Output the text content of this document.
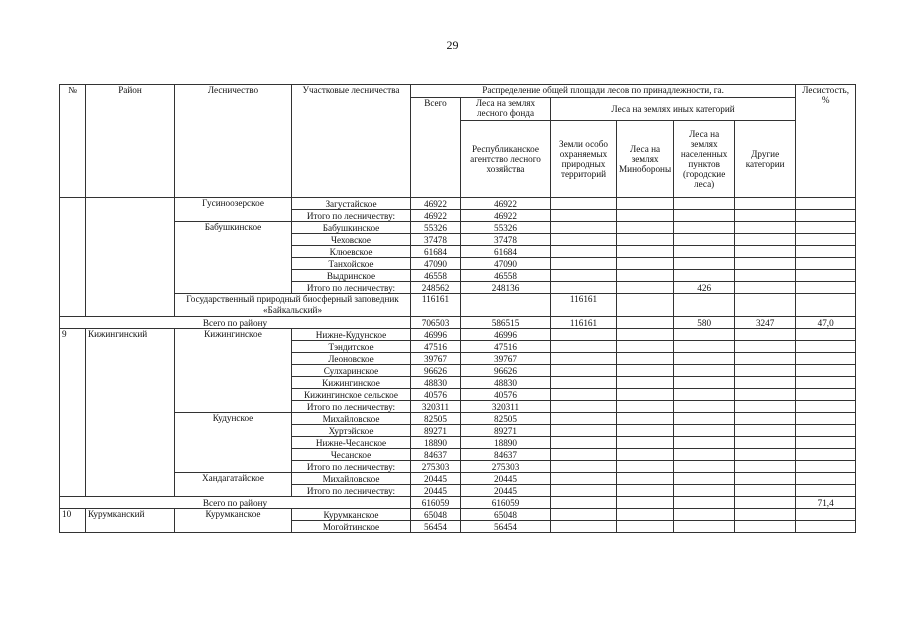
29
№	Район	Лесничество	Участковые лесничества	Распределение общей площади лесов по принадлежности, га.						Лесистость, %
				Всего	Леса на землях лесного фонда	Леса на землях иных категорий				
					Республиканское агентство лесного хозяйства	Земли особо охраняемых природных территорий	Леса на землях Минобороны	Леса на землях населенных пунктов (городские леса)	Другие категории	
		Гусиноозерское	Загустайское	46922	46922					
			Итого по лесничеству:	46922	46922					
		Бабушкинское	Бабушкинское	55326	55326					
			Чеховское	37478	37478					
			Клюевское	61684	61684					
			Танхойское	47090	47090					
			Выдринское	46558	46558					
			Итого по лесничеству:	248562	248136			426		
		Государственный природный биосферный заповедник «Байкальский»		116161		116161				
Всего по району				706503	586515	116161		580	3247	47,0
9	Кижингинский	Кижингинское	Нижне-Кудунское	46996	46996					
			Тэндитское	47516	47516					
			Леоновское	39767	39767					
			Сулхаринское	96626	96626					
			Кижингинское	48830	48830					
			Кижингинское сельское	40576	40576					
			Итого по лесничеству:	320311	320311					
		Кудунское	Михайловское	82505	82505					
			Хуртэйское	89271	89271					
			Нижне-Чесанское	18890	18890					
			Чесанское	84637	84637					
			Итого по лесничеству:	275303	275303					
		Хандагатайское	Михайловское	20445	20445					
			Итого по лесничеству:	20445	20445					
Всего по району				616059	616059					71,4
10	Курумканский	Курумканское	Курумканское	65048	65048					
			Могойтинское	56454	56454					
